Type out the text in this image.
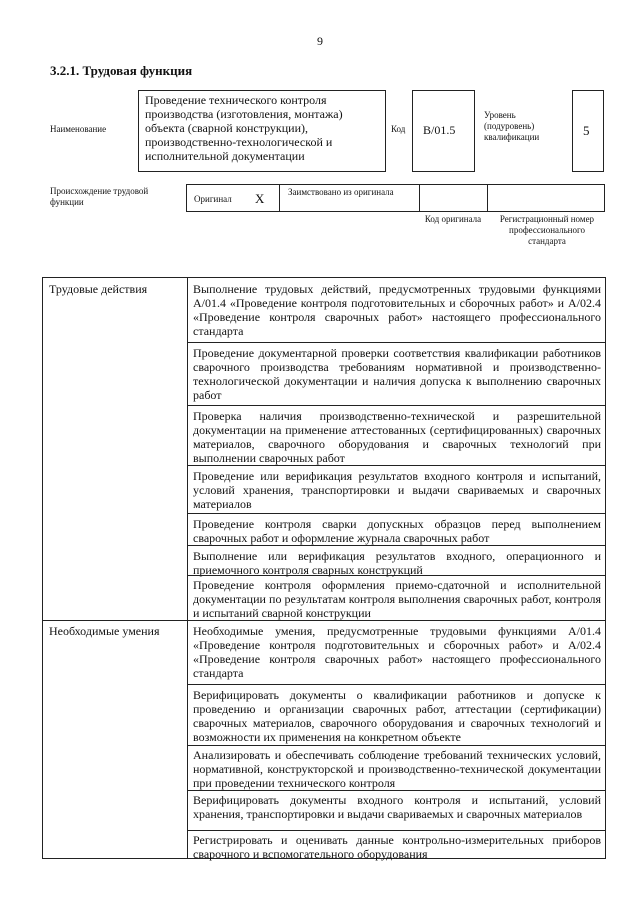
9
3.2.1. Трудовая функция
Наименование
Проведение технического контроля производства (изготовления, монтажа) объекта (сварной конструкции), производственно-технологической и исполнительной документации
Код B/01.5
Уровень (подуровень) квалификации	5
Происхождение трудовой функции	Оригинал X	Заимствовано из оригинала
Код оригинала	Регистрационный номер профессионального стандарта
Трудовые действия	Выполнение трудовых действий, предусмотренных трудовыми функциями А/01.4 «Проведение контроля подготовительных и сборочных работ» и А/02.4 «Проведение контроля сварочных работ» настоящего профессионального стандарта
Проведение документарной проверки соответствия квалификации работников сварочного производства требованиям нормативной и производственно-технологической документации и наличия допуска к выполнению сварочных работ
Проверка наличия производственно-технической и разрешительной документации на применение аттестованных (сертифицированных) сварочных материалов, сварочного оборудования и сварочных технологий при выполнении сварочных работ
Проведение или верификация результатов входного контроля и испытаний, условий хранения, транспортировки и выдачи свариваемых и сварочных материалов
Проведение контроля сварки допускных образцов перед выполнением сварочных работ и оформление журнала сварочных работ
Выполнение или верификация результатов входного, операционного и приемочного контроля сварных конструкций
Проведение контроля оформления приемо-сдаточной и исполнительной документации по результатам контроля выполнения сварочных работ, контроля и испытаний сварной конструкции
Необходимые умения	Необходимые умения, предусмотренные трудовыми функциями А/01.4 «Проведение контроля подготовительных и сборочных работ» и А/02.4 «Проведение контроля сварочных работ» настоящего профессионального стандарта
Верифицировать документы о квалификации работников и допуске к проведению и организации сварочных работ, аттестации (сертификации) сварочных материалов, сварочного оборудования и сварочных технологий и возможности их применения на конкретном объекте
Анализировать и обеспечивать соблюдение требований технических условий, нормативной, конструкторской и производственно-технической документации при проведении технического контроля
Верифицировать документы входного контроля и испытаний, условий хранения, транспортировки и выдачи свариваемых и сварочных материалов
Регистрировать и оценивать данные контрольно-измерительных приборов сварочного и вспомогательного оборудования
